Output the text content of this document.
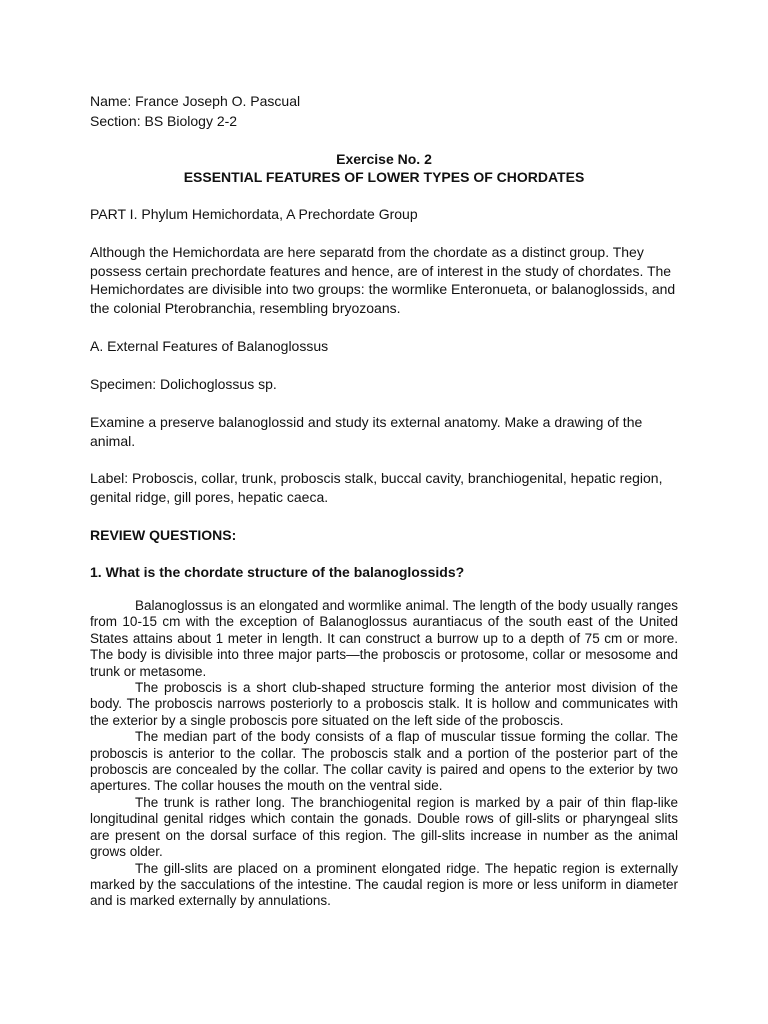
Name: France Joseph O. Pascual
Section: BS Biology 2-2
Exercise No. 2
ESSENTIAL FEATURES OF LOWER TYPES OF CHORDATES
PART I. Phylum Hemichordata, A Prechordate Group
Although the Hemichordata are here separatd from the chordate as a distinct group. They
possess certain prechordate features and hence, are of interest in the study of chordates. The
Hemichordates are divisible into two groups: the wormlike Enteronueta, or balanoglossids, and
the colonial Pterobranchia, resembling bryozoans.
A. External Features of Balanoglossus
Specimen: Dolichoglossus sp.
Examine a preserve balanoglossid and study its external anatomy. Make a drawing of the
animal.
Label: Proboscis, collar, trunk, proboscis stalk, buccal cavity, branchiogenital, hepatic region,
genital ridge, gill pores, hepatic caeca.
REVIEW QUESTIONS:
1. What is the chordate structure of the balanoglossids?

Balanoglossus is an elongated and wormlike animal. The length of the body usually ranges from 10-15 cm with the exception of Balanoglossus aurantiacus of the south east of the United States attains about 1 meter in length. It can construct a burrow up to a depth of 75 cm or more. The body is divisible into three major parts—the proboscis or protosome, collar or mesosome and trunk or metasome.

The proboscis is a short club-shaped structure forming the anterior most division of the body. The proboscis narrows posteriorly to a proboscis stalk. It is hollow and communicates with the exterior by a single proboscis pore situated on the left side of the proboscis.

The median part of the body consists of a flap of muscular tissue forming the collar. The proboscis is anterior to the collar. The proboscis stalk and a portion of the posterior part of the proboscis are concealed by the collar. The collar cavity is paired and opens to the exterior by two apertures. The collar houses the mouth on the ventral side.

The trunk is rather long. The branchiogenital region is marked by a pair of thin flap-like longitudinal genital ridges which contain the gonads. Double rows of gill-slits or pharyngeal slits are present on the dorsal surface of this region. The gill-slits increase in number as the animal grows older.

The gill-slits are placed on a prominent elongated ridge. The hepatic region is externally marked by the sacculations of the intestine. The caudal region is more or less uniform in diameter and is marked externally by annulations.
